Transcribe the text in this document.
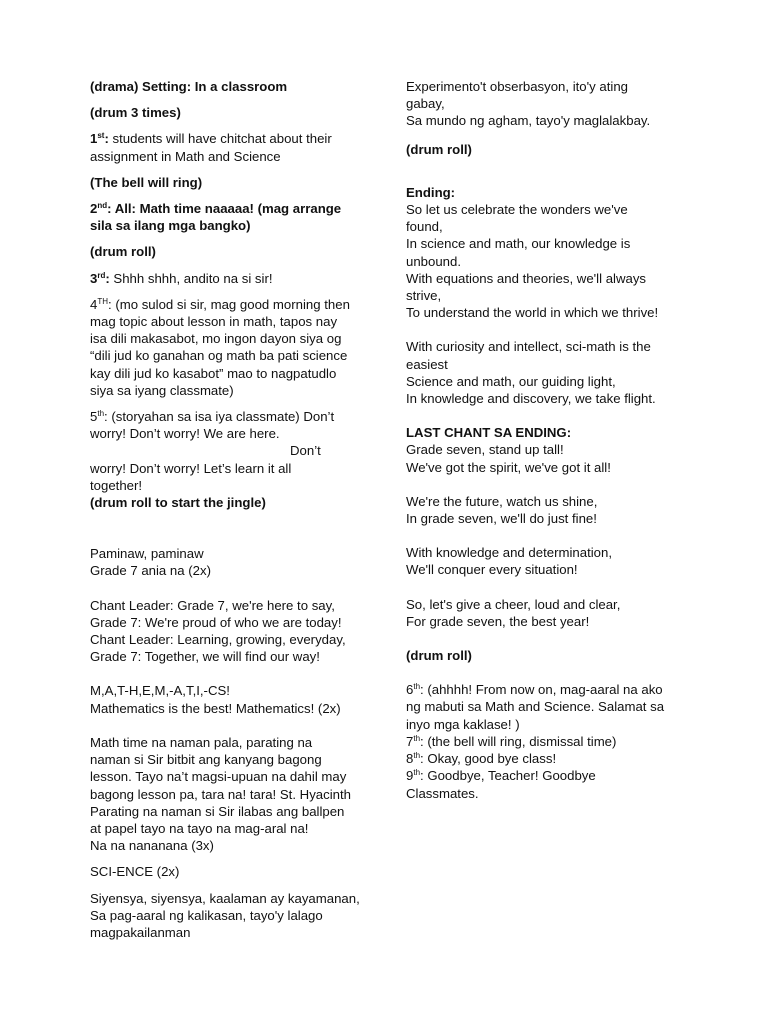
(drama) Setting: In a classroom

(drum 3 times)

1st: students will have chitchat about their
assignment in Math and Science

(The bell will ring)

2nd: All: Math time naaaaa! (mag arrange
sila sa ilang mga bangko)

(drum roll)

3rd: Shhh shhh, andito na si sir!

4TH: (mo sulod si sir, mag good morning then
mag topic about lesson in math, tapos nay
isa dili makasabot, mo ingon dayon siya og
“dili jud ko ganahan og math ba pati science
kay dili jud ko kasabot” mao to nagpatudlo
siya sa iyang classmate)

5th: (storyahan sa isa iya classmate) Don’t
worry! Don’t worry! We are here.
Don’t
worry! Don’t worry! Let’s learn it all
together!
(drum roll to start the jingle)

Paminaw, paminaw
Grade 7 ania na (2x)

Chant Leader: Grade 7, we're here to say,
Grade 7: We're proud of who we are today!
Chant Leader: Learning, growing, everyday,
Grade 7: Together, we will find our way!

M,A,T-H,E,M,-A,T,I,-CS!
Mathematics is the best! Mathematics! (2x)

Math time na naman pala, parating na
naman si Sir bitbit ang kanyang bagong
lesson. Tayo na’t magsi-upuan na dahil may
bagong lesson pa, tara na! tara! St. Hyacinth
Parating na naman si Sir ilabas ang ballpen
at papel tayo na tayo na mag-aral na!
Na na nananana (3x)

SCI-ENCE (2x)

Siyensya, siyensya, kaalaman ay kayamanan,
Sa pag-aaral ng kalikasan, tayo'y lalago
magpakailanman

Experimento't obserbasyon, ito'y ating
gabay,
Sa mundo ng agham, tayo'y maglalakbay.

(drum roll)

Ending:
So let us celebrate the wonders we've
found,
In science and math, our knowledge is
unbound.
With equations and theories, we'll always
strive,
To understand the world in which we thrive!

With curiosity and intellect, sci-math is the
easiest
Science and math, our guiding light,
In knowledge and discovery, we take flight.

LAST CHANT SA ENDING:
Grade seven, stand up tall!
We've got the spirit, we've got it all!

We're the future, watch us shine,
In grade seven, we'll do just fine!

With knowledge and determination,
We'll conquer every situation!

So, let's give a cheer, loud and clear,
For grade seven, the best year!

(drum roll)

6th: (ahhhh! From now on, mag-aaral na ako
ng mabuti sa Math and Science. Salamat sa
inyo mga kaklase! )
7th: (the bell will ring, dismissal time)
8th: Okay, good bye class!
9th: Goodbye, Teacher! Goodbye
Classmates.
